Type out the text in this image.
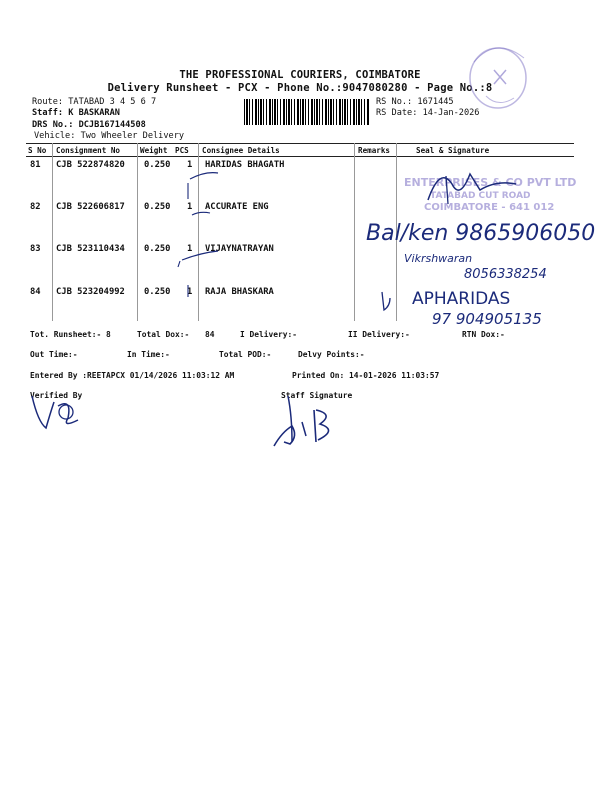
THE PROFESSIONAL COURIERS, COIMBATORE
Delivery Runsheet - PCX - Phone No.:9047080280 - Page No.:8
Route: TATABAD 3 4 5 6 7
Staff: K BASKARAN
DRS No.: DCJB167144508
Vehicle: Two Wheeler Delivery
RS No.: 1671445
RS Date: 14-Jan-2026
S No Consignment No	Weight PCS Consignee Details	Remarks	Seal & Signature
81 CJB 522874820 0.250 1 HARIDAS BHAGATH
82 CJB 522606817 0.250 1 ACCURATE ENG
83 CJB 523110434 0.250 1 VIJAYNATRAYAN
84 CJB 523204992 0.250 1 RAJA BHASKARA
ENTERPRISES & CO PVT LTD
TATABAD CUT ROAD
COIMBATORE - 641 012
Bal/ken 9865906050
Vikrshwaran
8056338254
APHARIDAS
97 904905135
Tot. Runsheet:- 8	Total Dox:- 84	I Delivery:-	II Delivery:-	RTN Dox:-
Out Time:-	In Time:-	Total POD:-	Delvy Points:-
Entered By :REETAPCX 01/14/2026 11:03:12 AM	Printed On: 14-01-2026 11:03:57
Verified By	Staff Signature
